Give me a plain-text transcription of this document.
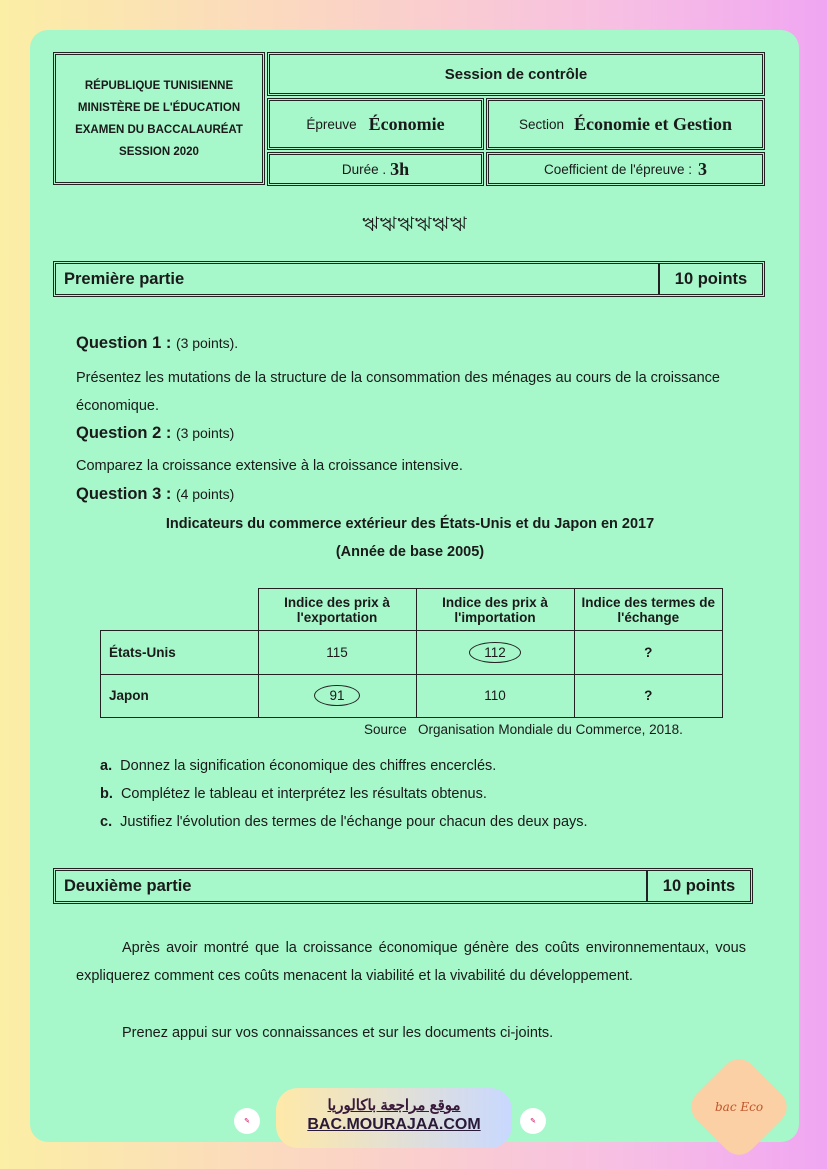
RÉPUBLIQUE TUNISIENNE
MINISTÈRE DE L'ÉDUCATION
EXAMEN DU BACCALAURÉAT
SESSION 2020
Session de contrôle
Épreuve Économie	Section Économie et Gestion
Durée . 3h	Coefficient de l'épreuve : 3
ঋঋঋঋঋঋ
Première partie	10 points
Question 1 : (3 points).
Présentez les mutations de la structure de la consommation des ménages au cours de la croissance économique.
Question 2 : (3 points)
Comparez la croissance extensive à la croissance intensive.
Question 3 : (4 points)
Indicateurs du commerce extérieur des États-Unis et du Japon en 2017
(Année de base 2005)
	Indice des prix à l'exportation	Indice des prix à l'importation	Indice des termes de l'échange
États-Unis	115	112	?
Japon	91	110	?
Source   Organisation Mondiale du Commerce, 2018.
a. Donnez la signification économique des chiffres encerclés.
b. Complétez le tableau et interprétez les résultats obtenus.
c. Justifiez l'évolution des termes de l'échange pour chacun des deux pays.
Deuxième partie	10 points
Après avoir montré que la croissance économique génère des coûts environnementaux, vous expliquerez comment ces coûts menacent la viabilité et la vivabilité du développement.
Prenez appui sur vos connaissances et sur les documents ci-joints.
✎
موقع مراجعة باكالوريا
BAC.MOURAJAA.COM	✎
bac Eco
